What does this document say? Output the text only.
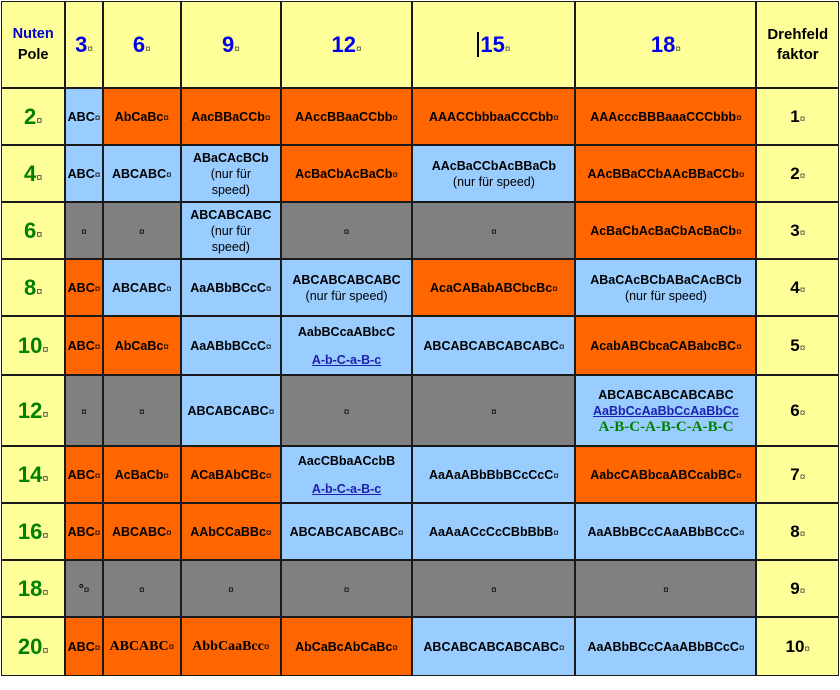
Nuten
Pole	3¤	6¤	9¤	12¤	15¤	18¤	Drehfeld
faktor

2¤	ABC¤	AbCaBc¤	AacBBaCCb¤	AAccBBaaCCbb¤	AAACCbbbaaCCCbb¤	AAAcccBBBaaaCCCbbb¤	1¤
4¤	ABC¤	ABCABC¤	ABaCAcBCb
(nur für
speed)	AcBaCbAcBaCb¤	AAcBaCCbAcBBaCb
(nur für speed)	AAcBBaCCbAAcBBaCCb¤	2¤
6¤	¤	¤	ABCABCABC
(nur für
speed)	¤	¤	AcBaCbAcBaCbAcBaCb¤	3¤
8¤	ABC¤	ABCABC¤	AaABbBCcC¤	ABCABCABCABC
(nur für speed)	AcaCABabABCbcBc¤	ABaCAcBCbABaCAcBCb
(nur für speed)	4¤
10¤	ABC¤	AbCaBc¤	AaABbBCcC¤	AabBCcaABbcC
A-b-C-a-B-c	ABCABCABCABCABC¤	AcabABCbcaCABabcBC¤	5¤
12¤	¤	¤	ABCABCABC¤	¤	¤	ABCABCABCABCABC
AaBbCcAaBbCcAaBbCc
A-B-C-A-B-C-A-B-C	6¤
14¤	ABC¤	AcBaCb¤	ACaBAbCBc¤	AacCBbaACcbB
A-b-C-a-B-c	AaAaABbBbBCcCcC¤	AabcCABbcaABCcabBC¤	7¤
16¤	ABC¤	ABCABC¤	AAbCCaBBc¤	ABCABCABCABC¤	AaAaACcCcCBbBbB¤	AaABbBCcCAaABbBCcC¤	8¤
18¤	°¤	¤	¤	¤	¤	¤	9¤
20¤	ABC¤	ABCABC¤	AbbCaaBcc¤	AbCaBcAbCaBc¤	ABCABCABCABCABC¤	AaABbBCcCAaABbBCcC¤	10¤
